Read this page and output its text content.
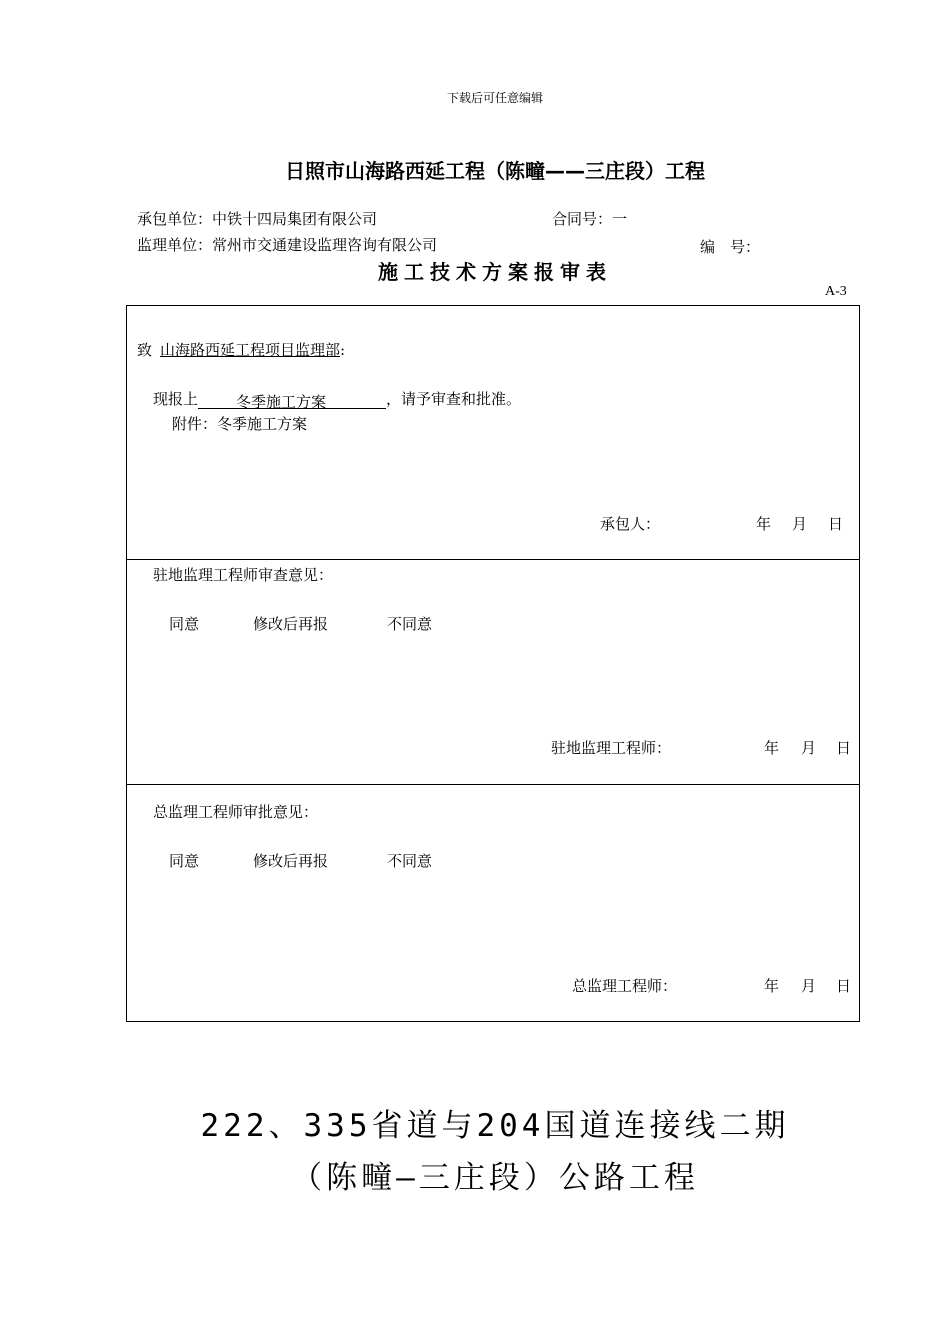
下载后可任意编辑
日照市山海路西延工程（陈疃——三庄段）工程
承包单位：中铁十四局集团有限公司	合同号：一
监理单位：常州市交通建设监理咨询有限公司	编　号：
施工技术方案报审表
A-3
致 山海路西延工程项目监理部:
现报上	冬季施工方案	，请予审查和批准。
附件：冬季施工方案
承包人：	年 月 日
驻地监理工程师审查意见：
同意	修改后再报	不同意
驻地监理工程师：	年 月 日
总监理工程师审批意见：
同意	修改后再报	不同意
总监理工程师：	年 月 日
222、335省道与204国道连接线二期
（陈疃—三庄段）公路工程
